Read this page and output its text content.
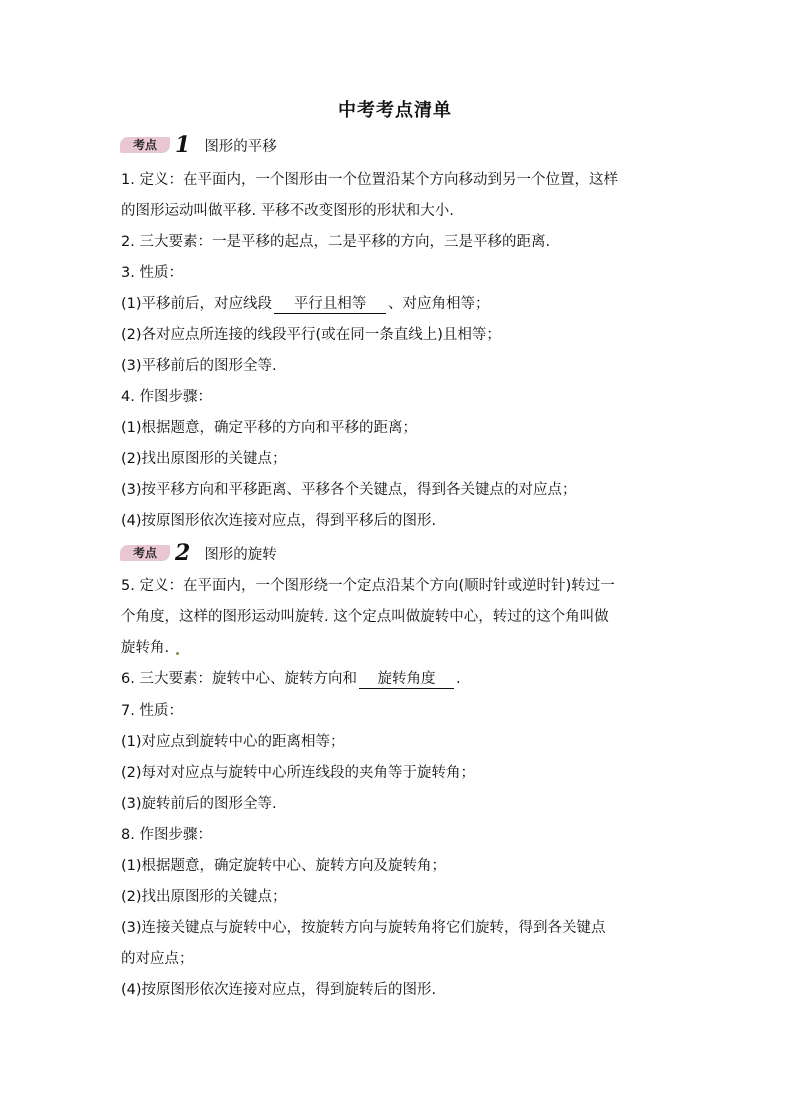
中考考点清单
考点 1 图形的平移
1. 定义：在平面内，一个图形由一个位置沿某个方向移动到另一个位置，这样
的图形运动叫做平移. 平移不改变图形的形状和大小.
2. 三大要素：一是平移的起点，二是平移的方向，三是平移的距离.
3. 性质：
(1)平移前后，对应线段 平行且相等 、对应角相等；
(2)各对应点所连接的线段平行(或在同一条直线上)且相等；
(3)平移前后的图形全等.
4. 作图步骤：
(1)根据题意，确定平移的方向和平移的距离；
(2)找出原图形的关键点；
(3)按平移方向和平移距离、平移各个关键点，得到各关键点的对应点；
(4)按原图形依次连接对应点，得到平移后的图形.
考点 2 图形的旋转
5. 定义：在平面内，一个图形绕一个定点沿某个方向(顺时针或逆时针)转过一
个角度，这样的图形运动叫旋转. 这个定点叫做旋转中心，转过的这个角叫做
旋转角.
6. 三大要素：旋转中心、旋转方向和 旋转角度 .
7. 性质：
(1)对应点到旋转中心的距离相等；
(2)每对对应点与旋转中心所连线段的夹角等于旋转角；
(3)旋转前后的图形全等.
8. 作图步骤：
(1)根据题意，确定旋转中心、旋转方向及旋转角；
(2)找出原图形的关键点；
(3)连接关键点与旋转中心，按旋转方向与旋转角将它们旋转，得到各关键点
的对应点；
(4)按原图形依次连接对应点，得到旋转后的图形.
